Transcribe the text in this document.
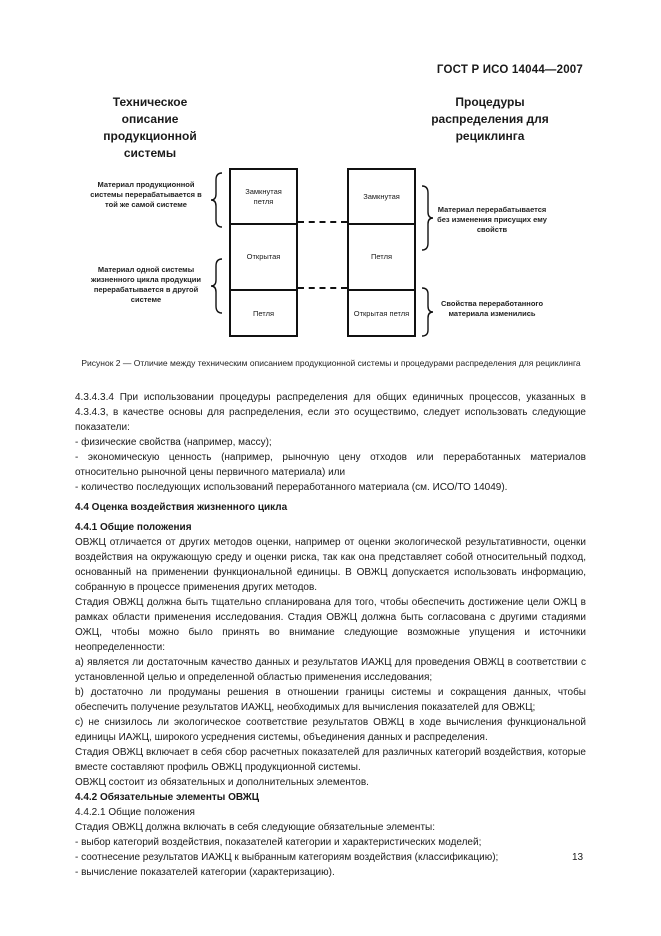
ГОСТ Р ИСО 14044—2007
Техническое описание продукционной системы
Процедуры распределения для рециклинга
Замкнутая петля
Открытая
Петля
Замкнутая
Петля
Открытая петля
Материал продукционной системы перерабатывается в той же самой системе
Материал одной системы жизненного цикла продукции перерабатывается в другой системе
Материал перерабатывается без изменения присущих ему свойств
Свойства переработанного материала изменились
Рисунок 2 — Отличие между техническим описанием продукционной системы и процедурами распределения для рециклинга

4.3.4.3.4 При использовании процедуры распределения для общих единичных процессов, указанных в 4.3.4.3, в качестве основы для распределения, если это осуществимо, следует использовать следующие показатели:

- физические свойства (например, массу);

- экономическую ценность (например, рыночную цену отходов или переработанных материалов относительно рыночной цены первичного материала) или

- количество последующих использований переработанного материала (см. ИСО/ТО 14049).

4.4 Оценка воздействия жизненного цикла

4.4.1 Общие положения

ОВЖЦ отличается от других методов оценки, например от оценки экологической результативности, оценки воздействия на окружающую среду и оценки риска, так как она представляет собой относительный подход, основанный на применении функциональной единицы. В ОВЖЦ допускается использовать информацию, собранную в процессе применения других методов.

Стадия ОВЖЦ должна быть тщательно спланирована для того, чтобы обеспечить достижение цели ОЖЦ в рамках области применения исследования. Стадия ОВЖЦ должна быть согласована с другими стадиями ОЖЦ, чтобы можно было принять во внимание следующие возможные упущения и источники неопределенности:

a) является ли достаточным качество данных и результатов ИАЖЦ для проведения ОВЖЦ в соответствии с установленной целью и определенной областью применения исследования;

b) достаточно ли продуманы решения в отношении границы системы и сокращения данных, чтобы обеспечить получение результатов ИАЖЦ, необходимых для вычисления показателей для ОВЖЦ;

c) не снизилось ли экологическое соответствие результатов ОВЖЦ в ходе вычисления функциональной единицы ИАЖЦ, широкого усреднения системы, объединения данных и распределения.

Стадия ОВЖЦ включает в себя сбор расчетных показателей для различных категорий воздействия, которые вместе составляют профиль ОВЖЦ продукционной системы.

ОВЖЦ состоит из обязательных и дополнительных элементов.

4.4.2 Обязательные элементы ОВЖЦ

4.4.2.1 Общие положения

Стадия ОВЖЦ должна включать в себя следующие обязательные элементы:

- выбор категорий воздействия, показателей категории и характеристических моделей;

- соотнесение результатов ИАЖЦ к выбранным категориям воздействия (классификацию);

- вычисление показателей категории (характеризацию).

13
